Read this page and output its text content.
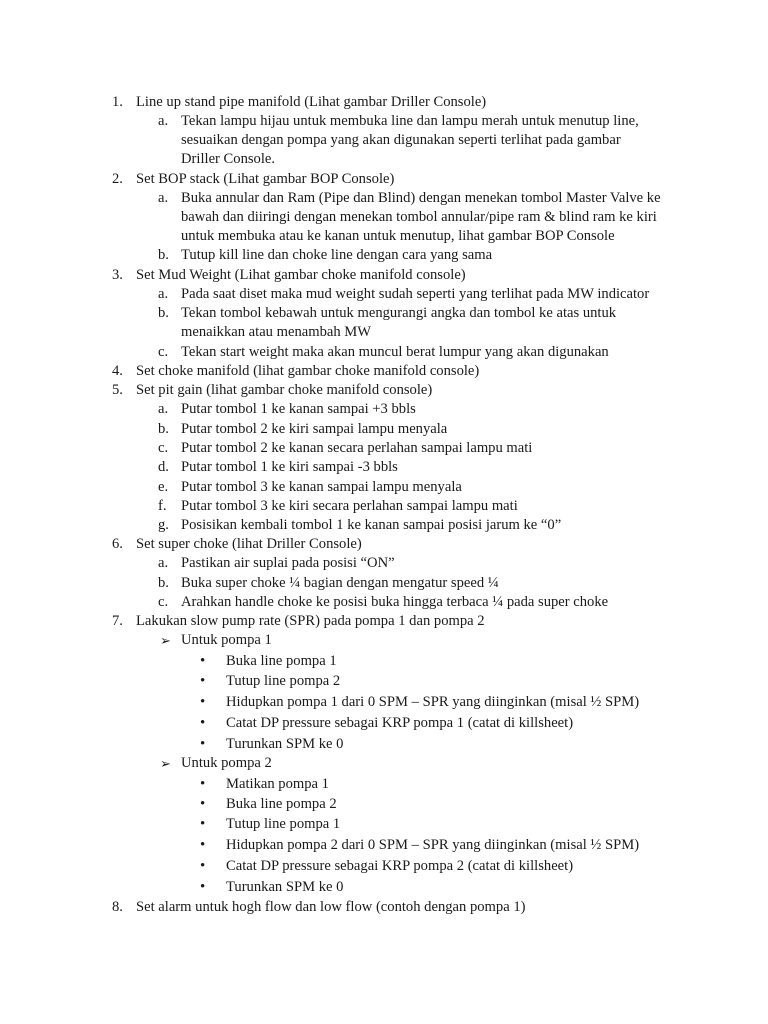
1. Line up stand pipe manifold (Lihat gambar Driller Console)
a. Tekan lampu hijau untuk membuka line dan lampu merah untuk menutup line,
sesuaikan dengan pompa yang akan digunakan seperti terlihat pada gambar
Driller Console.
2. Set BOP stack (Lihat gambar BOP Console)
a. Buka annular dan Ram (Pipe dan Blind) dengan menekan tombol Master Valve ke
bawah dan diiringi dengan menekan tombol annular/pipe ram & blind ram ke kiri
untuk membuka atau ke kanan untuk menutup, lihat gambar BOP Console
b. Tutup kill line dan choke line dengan cara yang sama
3. Set Mud Weight (Lihat gambar choke manifold console)
a. Pada saat diset maka mud weight sudah seperti yang terlihat pada MW indicator
b. Tekan tombol kebawah untuk mengurangi angka dan tombol ke atas untuk
menaikkan atau menambah MW
c. Tekan start weight maka akan muncul berat lumpur yang akan digunakan
4. Set choke manifold (lihat gambar choke manifold console)
5. Set pit gain (lihat gambar choke manifold console)
a. Putar tombol 1 ke kanan sampai +3 bbls
b. Putar tombol 2 ke kiri sampai lampu menyala
c. Putar tombol 2 ke kanan secara perlahan sampai lampu mati
d. Putar tombol 1 ke kiri sampai -3 bbls
e. Putar tombol 3 ke kanan sampai lampu menyala
f. Putar tombol 3 ke kiri secara perlahan sampai lampu mati
g. Posisikan kembali tombol 1 ke kanan sampai posisi jarum ke “0”
6. Set super choke (lihat Driller Console)
a. Pastikan air suplai pada posisi “ON”
b. Buka super choke ¼ bagian dengan mengatur speed ¼
c. Arahkan handle choke ke posisi buka hingga terbaca ¼ pada super choke
7. Lakukan slow pump rate (SPR) pada pompa 1 dan pompa 2
➢ Untuk pompa 1
• Buka line pompa 1
• Tutup line pompa 2
• Hidupkan pompa 1 dari 0 SPM – SPR yang diinginkan (misal ½ SPM)
• Catat DP pressure sebagai KRP pompa 1 (catat di killsheet)
• Turunkan SPM ke 0
➢ Untuk pompa 2
• Matikan pompa 1
• Buka line pompa 2
• Tutup line pompa 1
• Hidupkan pompa 2 dari 0 SPM – SPR yang diinginkan (misal ½ SPM)
• Catat DP pressure sebagai KRP pompa 2 (catat di killsheet)
• Turunkan SPM ke 0
8. Set alarm untuk hogh flow dan low flow (contoh dengan pompa 1)
